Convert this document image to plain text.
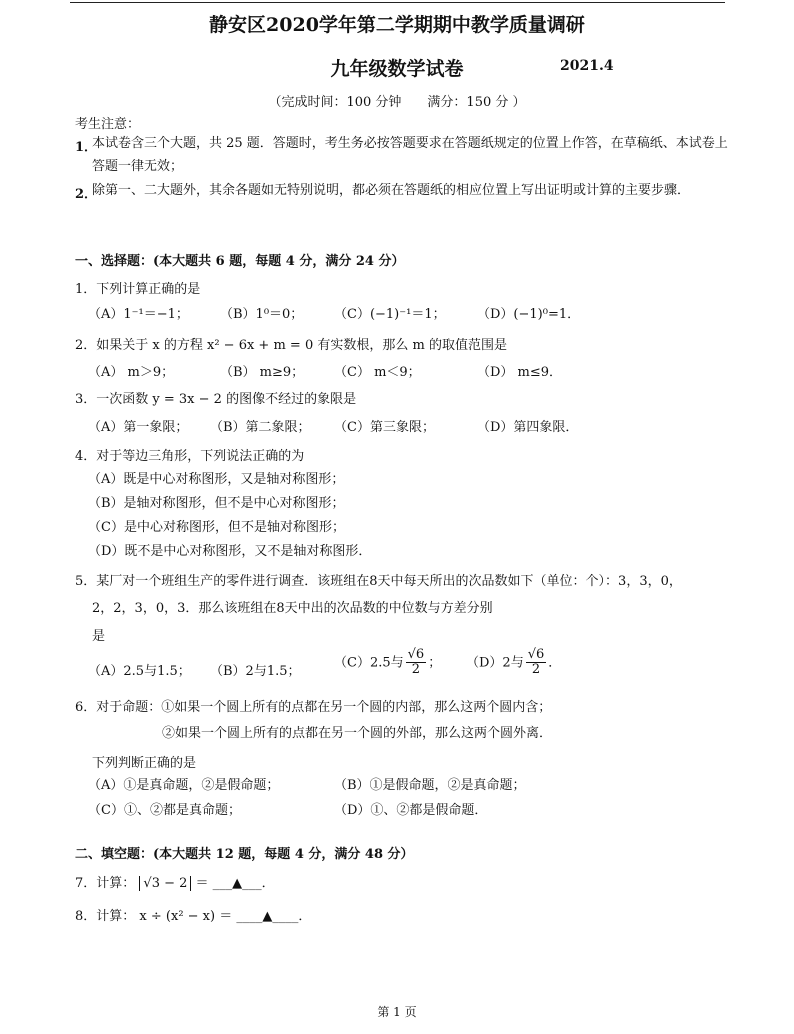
静安区2020学年第二学期期中教学质量调研
九年级数学试卷	2021.4
（完成时间：100 分钟　　满分：150 分 ）
考生注意：
1．
本试卷含三个大题，共 25 题．答题时，考生务必按答题要求在答题纸规定的位置上作答，在草稿纸、本试卷上答题一律无效；
2．
除第一、二大题外，其余各题如无特别说明，都必须在答题纸的相应位置上写出证明或计算的主要步骤．
一、选择题：(本大题共 6 题，每题 4 分，满分 24 分）
1．下列计算正确的是
（A）1⁻¹＝−1； （B）1⁰＝0； （C）(−1)⁻¹＝1； （D）(−1)⁰=1．
2．如果关于 x 的方程 x² − 6x + m = 0 有实数根，那么 m 的取值范围是
（A） m＞9；	（B） m≥9； （C） m＜9；	（D） m≤9．
3．一次函数 y = 3x − 2 的图像不经过的象限是
（A）第一象限； （B）第二象限； （C）第三象限；	（D）第四象限．
4．对于等边三角形，下列说法正确的为
（A）既是中心对称图形，又是轴对称图形；
（B）是轴对称图形，但不是中心对称图形；
（C）是中心对称图形，但不是轴对称图形；
（D）既不是中心对称图形，又不是轴对称图形．
5．某厂对一个班组生产的零件进行调查．该班组在8天中每天所出的次品数如下（单位：个）：3，3，0，
2，2，3，0，3．那么该班组在8天中出的次品数的中位数与方差分别
是
（A）2.5与1.5； （B）2与1.5；
（C）2.5与 $\frac{√6}{2}$ ； （D）2与 $\frac{√6}{2}$ ．
6．对于命题：①如果一个圆上所有的点都在另一个圆的内部，那么这两个圆内含；
②如果一个圆上所有的点都在另一个圆的外部，那么这两个圆外离．
下列判断正确的是
（A）①是真命题，②是假命题；	（B）①是假命题，②是真命题；
（C）①、②都是真命题；	（D）①、②都是假命题．
二、填空题：(本大题共 12 题，每题 4 分，满分 48 分）
7．计算： √3 − 2 ＝ ___▲___．
8．计算： x ÷ (x² − x) ＝ ____▲____．
第 1 页
